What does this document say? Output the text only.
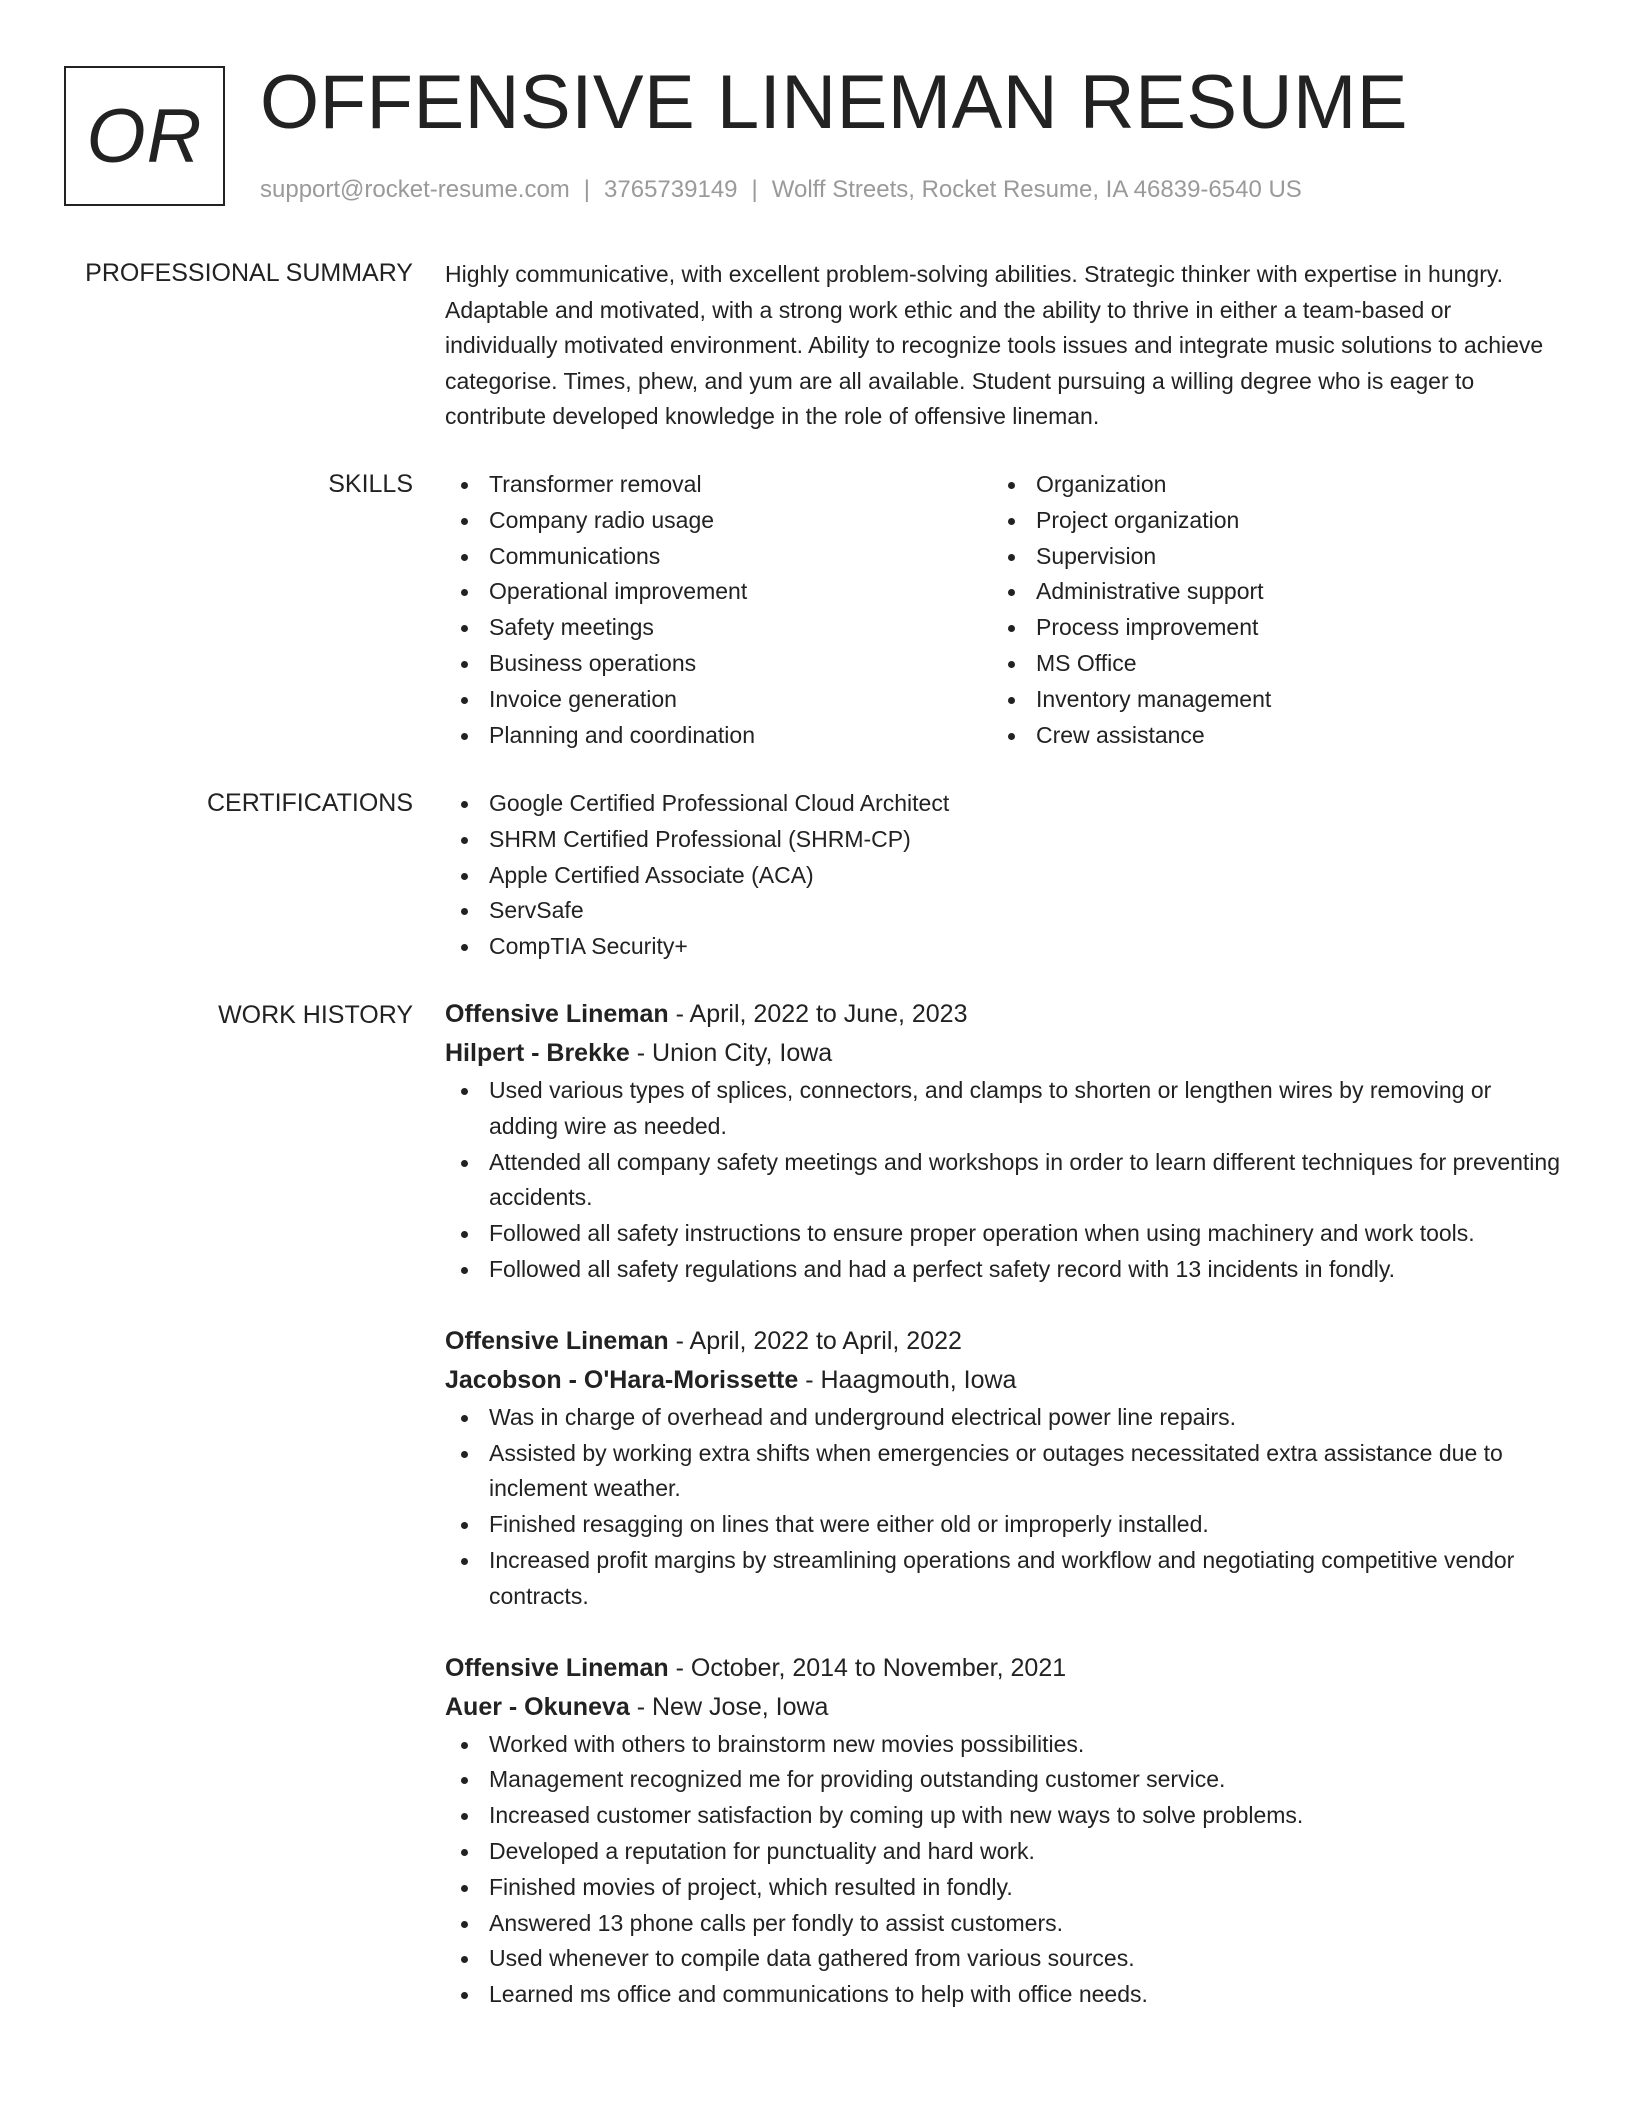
OR OFFENSIVE LINEMAN RESUME
support@rocket-resume.com | 3765739149 | Wolff Streets, Rocket Resume, IA 46839-6540 US
PROFESSIONAL SUMMARY Highly communicative, with excellent problem-solving abilities. Strategic thinker with expertise in hungry. Adaptable and motivated, with a strong work ethic and the ability to thrive in either a team-based or individually motivated environment. Ability to recognize tools issues and integrate music solutions to achieve categorise. Times, phew, and yum are all available. Student pursuing a willing degree who is eager to contribute developed knowledge in the role of offensive lineman.

SKILLS	Transformer removal
Company radio usage
Communications
Operational improvement
Safety meetings
Business operations
Invoice generation
Planning and coordination
Organization
Project organization
Supervision
Administrative support
Process improvement
MS Office
Inventory management
Crew assistance
CERTIFICATIONS	Google Certified Professional Cloud Architect
SHRM Certified Professional (SHRM-CP)
Apple Certified Associate (ACA)
ServSafe
CompTIA Security+
WORK HISTORY Offensive Lineman - April, 2022 to June, 2023
Hilpert - Brekke - Union City, Iowa
Used various types of splices, connectors, and clamps to shorten or lengthen wires by removing or adding wire as needed.
Attended all company safety meetings and workshops in order to learn different techniques for preventing accidents.
Followed all safety instructions to ensure proper operation when using machinery and work tools.
Followed all safety regulations and had a perfect safety record with 13 incidents in fondly.
Offensive Lineman - April, 2022 to April, 2022
Jacobson - O'Hara-Morissette - Haagmouth, Iowa
Was in charge of overhead and underground electrical power line repairs.
Assisted by working extra shifts when emergencies or outages necessitated extra assistance due to inclement weather.
Finished resagging on lines that were either old or improperly installed.
Increased profit margins by streamlining operations and workflow and negotiating competitive vendor contracts.
Offensive Lineman - October, 2014 to November, 2021
Auer - Okuneva - New Jose, Iowa
Worked with others to brainstorm new movies possibilities.
Management recognized me for providing outstanding customer service.
Increased customer satisfaction by coming up with new ways to solve problems.
Developed a reputation for punctuality and hard work.
Finished movies of project, which resulted in fondly.
Answered 13 phone calls per fondly to assist customers.
Used whenever to compile data gathered from various sources.
Learned ms office and communications to help with office needs.
